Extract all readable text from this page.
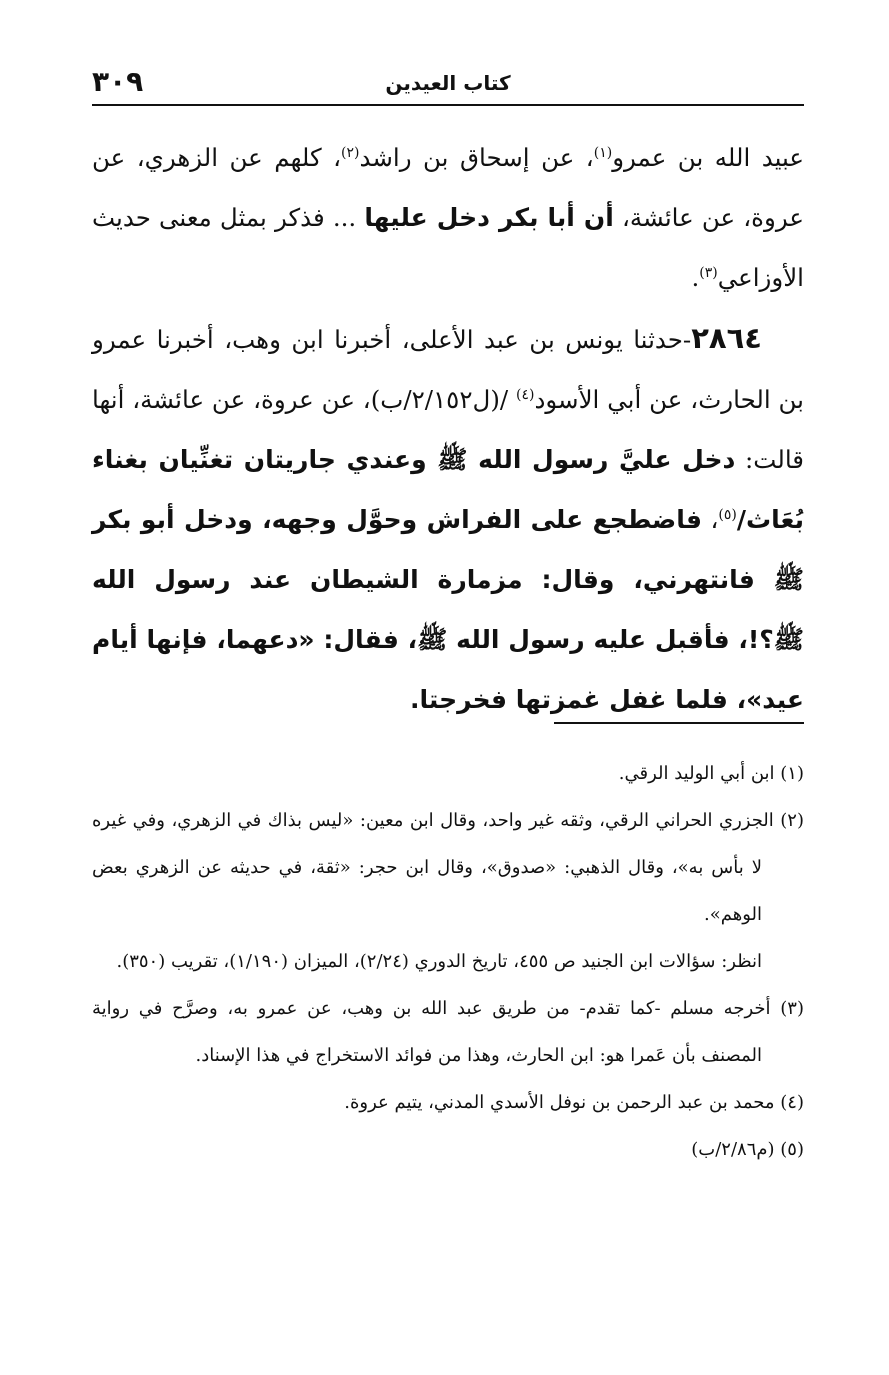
٣٠٩	كتاب العيدين

عبيد الله بن عمرو$^{(١)}$، عن إسحاق بن راشد$^{(٢)}$، كلهم عن الزهري، عن عروة، عن عائشة، أن أبا بكر دخل عليها ... فذكر بمثل معنى حديث الأوزاعي$^{(٣)}$.

٢٨٦٤-حدثنا يونس بن عبد الأعلى، أخبرنا ابن وهب، أخبرنا عمرو بن الحارث، عن أبي الأسود$^{(٤)}$ /(ل٢/١٥٢/ب)، عن عروة، عن عائشة، أنها قالت: دخل عليَّ رسول الله ﷺ وعندي جاريتان تغنِّيان بغناء بُعَاث/$^{(٥)}$، فاضطجع على الفراش وحوَّل وجهه، ودخل أبو بكر ﷺ فانتهرني، وقال: مزمارة الشيطان عند رسول الله ﷺ؟!، فأقبل عليه رسول الله ﷺ، فقال: «دعهما، فإنها أيام عيد»، فلما غفل غمزتها فخرجتا.

(١) ابن أبي الوليد الرقي.

(٢) الجزري الحراني الرقي، وثقه غير واحد، وقال ابن معين: «ليس بذاك في الزهري، وفي غيره لا بأس به»، وقال الذهبي: «صدوق»، وقال ابن حجر: «ثقة، في حديثه عن الزهري بعض الوهم».

انظر: سؤالات ابن الجنيد ص ٤٥٥، تاريخ الدوري (٢/٢٤)، الميزان (١/١٩٠)، تقريب (٣٥٠).

(٣) أخرجه مسلم -كما تقدم- من طريق عبد الله بن وهب، عن عمرو به، وصرَّح في رواية المصنف بأن عَمرا هو: ابن الحارث، وهذا من فوائد الاستخراج في هذا الإسناد.

(٤) محمد بن عبد الرحمن بن نوفل الأسدي المدني، يتيم عروة.

(٥) (م٢/٨٦/ب)
